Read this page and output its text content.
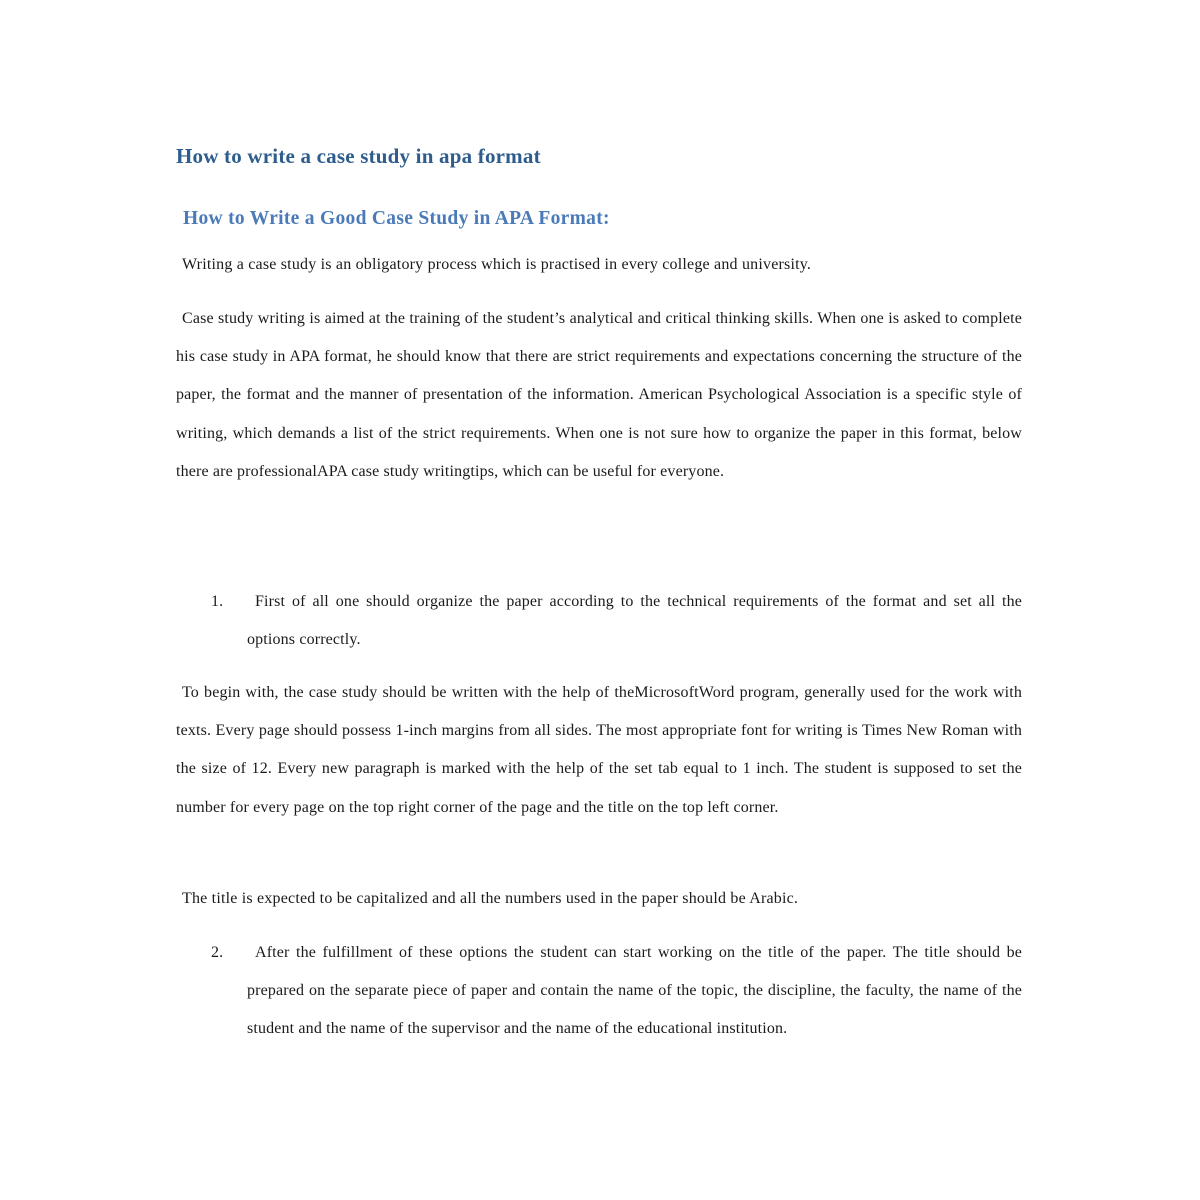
How to write a case study in apa format
How to Write a Good Case Study in APA Format:
Writing a case study is an obligatory process which is practised in every college and university.
Case study writing is aimed at the training of the student’s analytical and critical thinking skills. When one is asked to complete his case study in APA format, he should know that there are strict requirements and expectations concerning the structure of the paper, the format and the manner of presentation of the information. American Psychological Association is a specific style of writing, which demands a list of the strict requirements. When one is not sure how to organize the paper in this format, below there are professionalAPA case study writingtips, which can be useful for everyone.
1. First of all one should organize the paper according to the technical requirements of the format and set all the options correctly.
To begin with, the case study should be written with the help of theMicrosoftWord program, generally used for the work with texts. Every page should possess 1-inch margins from all sides. The most appropriate font for writing is Times New Roman with the size of 12. Every new paragraph is marked with the help of the set tab equal to 1 inch. The student is supposed to set the number for every page on the top right corner of the page and the title on the top left corner.
The title is expected to be capitalized and all the numbers used in the paper should be Arabic.
2. After the fulfillment of these options the student can start working on the title of the paper. The title should be prepared on the separate piece of paper and contain the name of the topic, the discipline, the faculty, the name of the student and the name of the supervisor and the name of the educational institution.
